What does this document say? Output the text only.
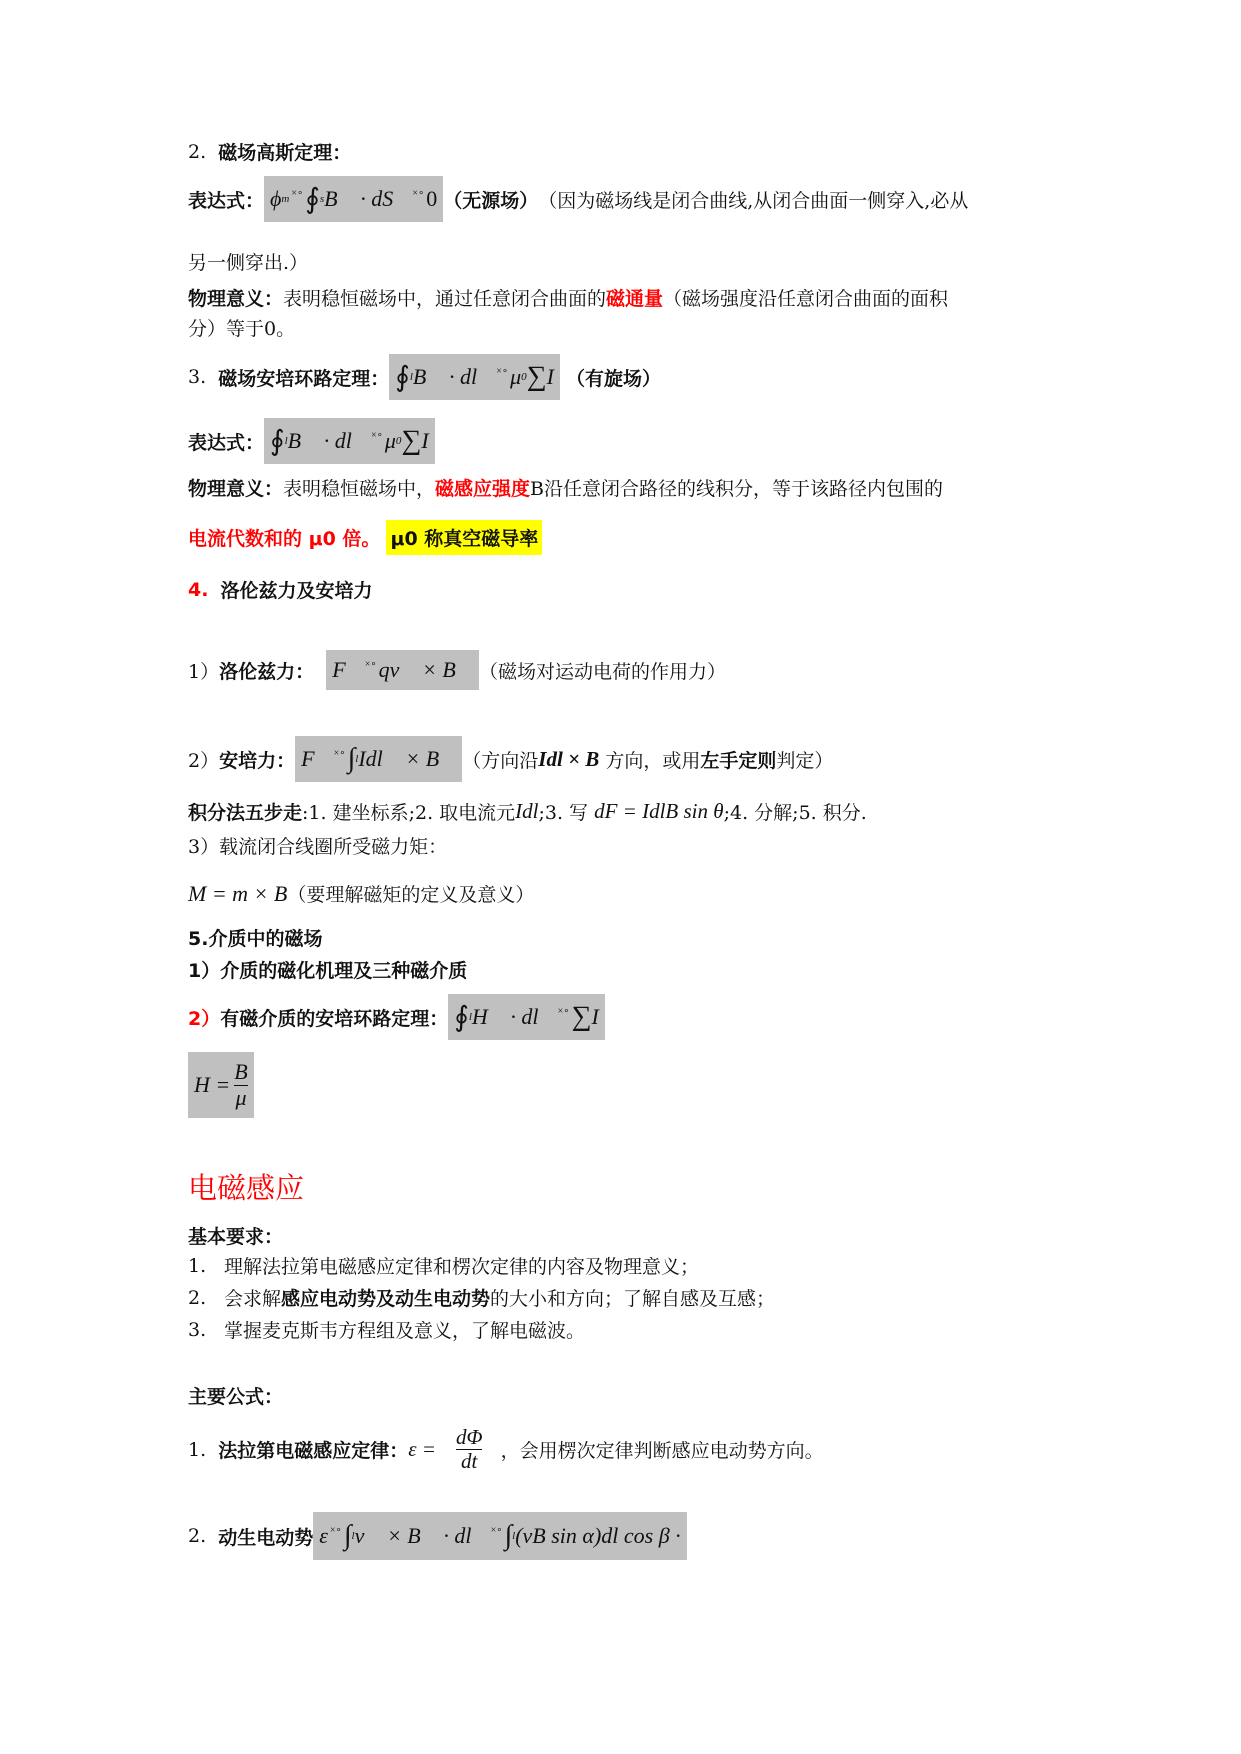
2.
磁场高斯定理：
表达式： ϕ m ×∘ ∮ s B⃗ · dS⃗ ×∘ 0 （无源场） （因为磁场线是闭合曲线,从闭合曲面一侧穿入,必从
另一侧穿出.）
物理意义： 表明稳恒磁场中，通过任意闭合曲面的 磁通量 （磁场强度沿任意闭合曲面的面积
分）等于0。
3.
磁场安培环路定理： ∮ l B⃗ · dl⃗ ×∘ μ 0 ∑ I
（有旋场）
表达式： ∮ l B⃗ · dl⃗ ×∘ μ 0 ∑ I
物理意义： 表明稳恒磁场中， 磁感应强度 B沿任意闭合路径的线积分，等于该路径内包围的
电流代数和的 μ0 倍。
μ0 称真空磁导率
4.
洛伦兹力及安培力
1） 洛伦兹力：
F⃗ ×∘ qv⃗ × B⃗ （磁场对运动电荷的作用力）
2） 安培力： F⃗ ×∘ ∫ l Idl⃗ × B⃗ （方向沿 Idl × B
方向，或用 左手定则 判定）
积分法五步走 :1. 建坐标系;2. 取电流元 Idl ;3. 写
dF = IdlB sin θ ;4. 分解;5. 积分.
3）载流闭合线圈所受磁力矩：
M = m × B （要理解磁矩的定义及意义）
5.介质中的磁场
1）介质的磁化机理及三种磁介质
2） 有磁介质的安培环路定理： ∮ l H⃗ · dl⃗ ×∘ ∑ I
$H = \frac{B}{\mu}$
电磁感应
基本要求：
1. 理解法拉第电磁感应定律和楞次定律的内容及物理意义；
2. 会求解 感应电动势及动生电动势 的大小和方向；了解自感及互感；
3. 掌握麦克斯韦方程组及意义，了解电磁波。
主要公式：
1.
法拉第电磁感应定律： $\varepsilon = \frac{d\Phi}{dt}$
，会用楞次定律判断感应电动势方向。
2.
动生电动势 ε ×∘ ∫ l v⃗ × B⃗ · dl⃗ ×∘ ∫ l (vB sin α)dl cos β ·
